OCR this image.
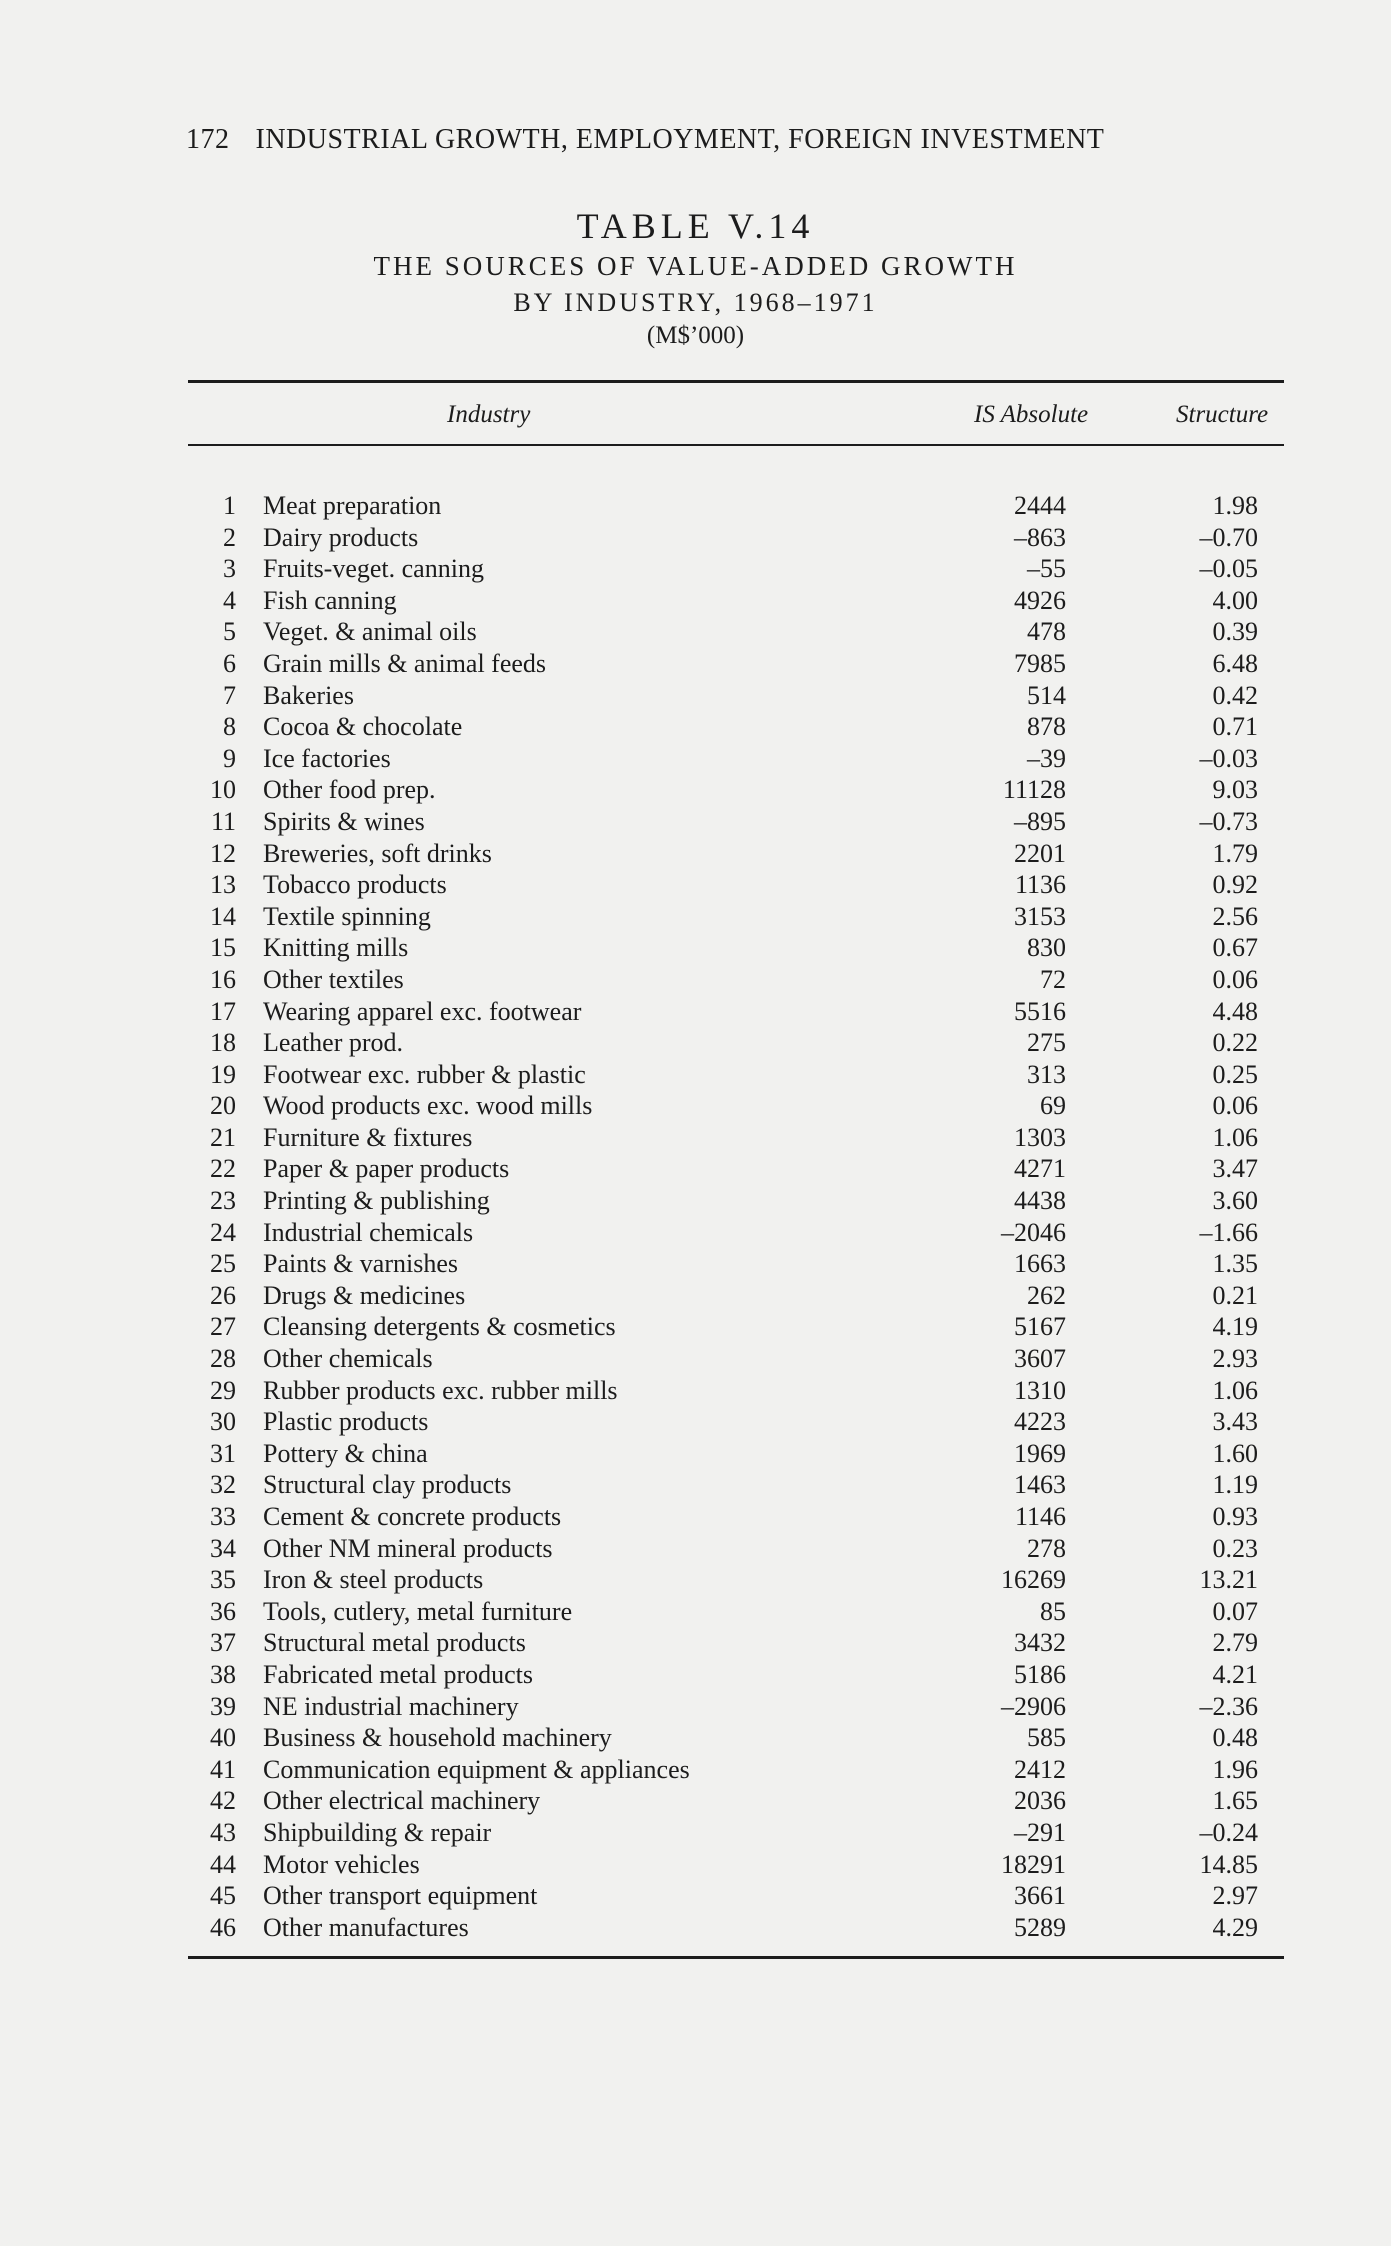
172 INDUSTRIAL GROWTH, EMPLOYMENT, FOREIGN INVESTMENT
TABLE V.14
THE SOURCES OF VALUE-ADDED GROWTH
BY INDUSTRY, 1968–1971
(M$’000)
Industry	IS Absolute	Structure
1 Meat preparation	2444	1.98
2 Dairy products	–863	–0.70
3 Fruits-veget. canning	–55	–0.05
4 Fish canning	4926	4.00
5 Veget. & animal oils	478	0.39
6 Grain mills & animal feeds	7985	6.48
7 Bakeries	514	0.42
8 Cocoa & chocolate	878	0.71
9 Ice factories	–39	–0.03
10 Other food prep.	11128	9.03
11 Spirits & wines	–895	–0.73
12 Breweries, soft drinks	2201	1.79
13 Tobacco products	1136	0.92
14 Textile spinning	3153	2.56
15 Knitting mills	830	0.67
16 Other textiles	72	0.06
17 Wearing apparel exc. footwear	5516	4.48
18 Leather prod.	275	0.22
19 Footwear exc. rubber & plastic	313	0.25
20 Wood products exc. wood mills	69	0.06
21 Furniture & fixtures	1303	1.06
22 Paper & paper products	4271	3.47
23 Printing & publishing	4438	3.60
24 Industrial chemicals	–2046	–1.66
25 Paints & varnishes	1663	1.35
26 Drugs & medicines	262	0.21
27 Cleansing detergents & cosmetics	5167	4.19
28 Other chemicals	3607	2.93
29 Rubber products exc. rubber mills	1310	1.06
30 Plastic products	4223	3.43
31 Pottery & china	1969	1.60
32 Structural clay products	1463	1.19
33 Cement & concrete products	1146	0.93
34 Other NM mineral products	278	0.23
35 Iron & steel products	16269	13.21
36 Tools, cutlery, metal furniture	85	0.07
37 Structural metal products	3432	2.79
38 Fabricated metal products	5186	4.21
39 NE industrial machinery	–2906	–2.36
40 Business & household machinery	585	0.48
41 Communication equipment & appliances	2412	1.96
42 Other electrical machinery	2036	1.65
43 Shipbuilding & repair	–291	–0.24
44 Motor vehicles	18291	14.85
45 Other transport equipment	3661	2.97
46 Other manufactures	5289	4.29
